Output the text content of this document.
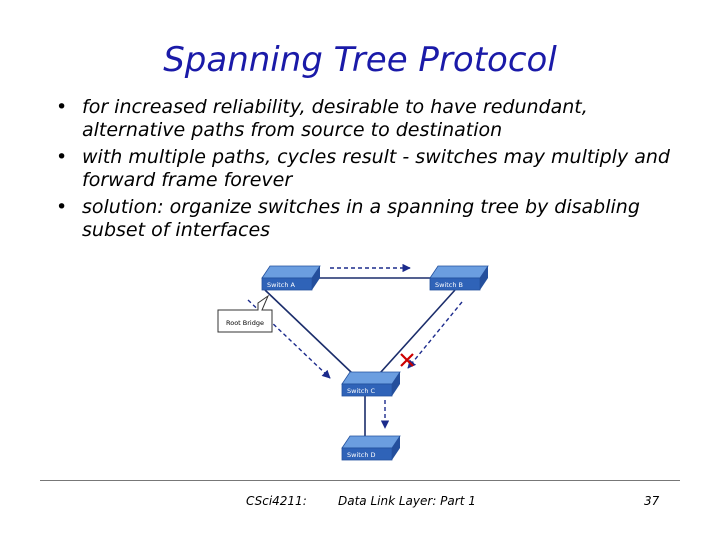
Spanning Tree Protocol
• for increased reliability, desirable to have redundant, alternative paths from source to destination
• with multiple paths, cycles result - switches may multiply and forward frame forever
• solution: organize switches in a spanning tree by disabling subset of interfaces
Root Bridge
Switch A	Switch B
Switch C
Switch D
CSci4211:	Data Link Layer: Part 1	37
